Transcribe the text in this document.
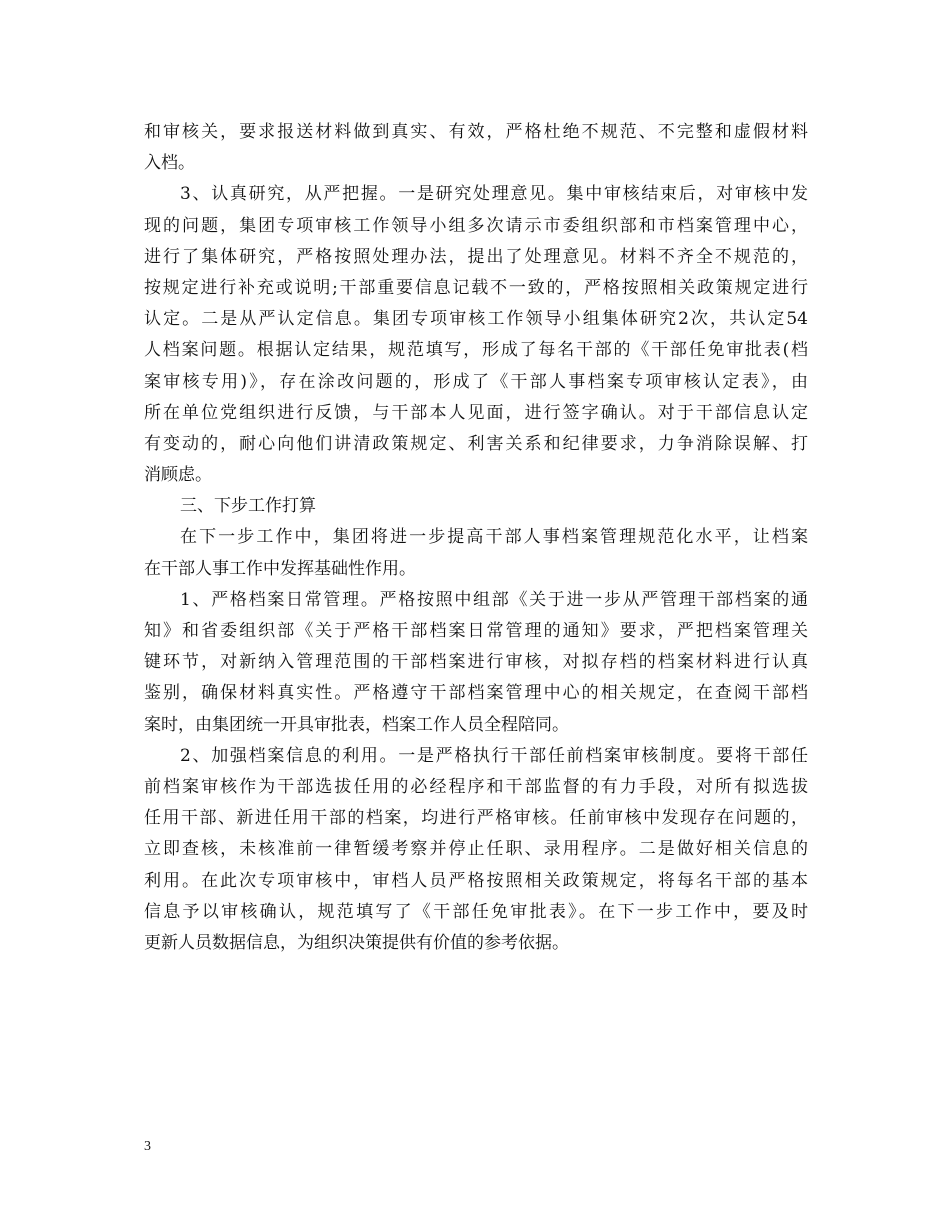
和审核关，要求报送材料做到真实、有效，严格杜绝不规范、不完整和虚假材料
入档。
3、认真研究，从严把握。一是研究处理意见。集中审核结束后，对审核中发
现的问题，集团专项审核工作领导小组多次请示市委组织部和市档案管理中心，
进行了集体研究，严格按照处理办法，提出了处理意见。材料不齐全不规范的，
按规定进行补充或说明;干部重要信息记载不一致的，严格按照相关政策规定进行
认定。二是从严认定信息。集团专项审核工作领导小组集体研究2次，共认定54
人档案问题。根据认定结果，规范填写，形成了每名干部的《干部任免审批表(档
案审核专用)》，存在涂改问题的，形成了《干部人事档案专项审核认定表》，由
所在单位党组织进行反馈，与干部本人见面，进行签字确认。对于干部信息认定
有变动的，耐心向他们讲清政策规定、利害关系和纪律要求，力争消除误解、打
消顾虑。
三、下步工作打算
在下一步工作中，集团将进一步提高干部人事档案管理规范化水平，让档案
在干部人事工作中发挥基础性作用。
1、严格档案日常管理。严格按照中组部《关于进一步从严管理干部档案的通
知》和省委组织部《关于严格干部档案日常管理的通知》要求，严把档案管理关
键环节，对新纳入管理范围的干部档案进行审核，对拟存档的档案材料进行认真
鉴别，确保材料真实性。严格遵守干部档案管理中心的相关规定，在查阅干部档
案时，由集团统一开具审批表，档案工作人员全程陪同。
2、加强档案信息的利用。一是严格执行干部任前档案审核制度。要将干部任
前档案审核作为干部选拔任用的必经程序和干部监督的有力手段，对所有拟选拔
任用干部、新进任用干部的档案，均进行严格审核。任前审核中发现存在问题的，
立即查核，未核准前一律暂缓考察并停止任职、录用程序。二是做好相关信息的
利用。在此次专项审核中，审档人员严格按照相关政策规定，将每名干部的基本
信息予以审核确认，规范填写了《干部任免审批表》。在下一步工作中，要及时
更新人员数据信息，为组织决策提供有价值的参考依据。
3
